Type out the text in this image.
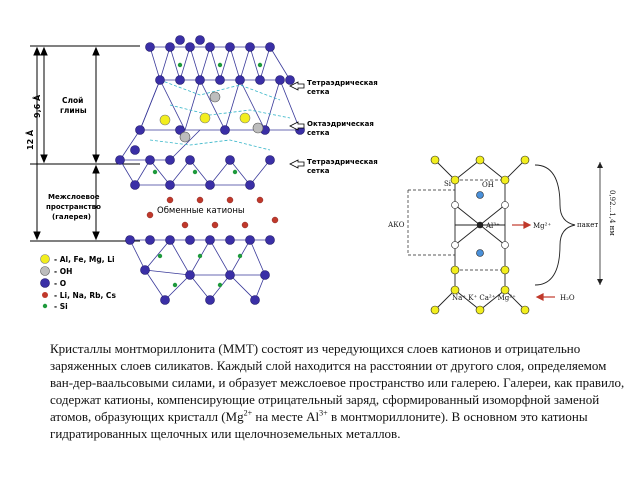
12 Å
9,6 Å	Слой глины
Межслоевое пространство (галерея)
Обменные катионы
Тетраэдрическая сетка
Октаэдрическая сетка
Тетраэдрическая сетка
- Al, Fe, Mg, Li
- OH
- O
- Li, Na, Rb, Cs
- Si
Si	OH
АКО	Al³⁺	Mg²⁺	пакет
Na⁺ K⁺ Ca²⁺ Mg²⁺	H₂O
0,92...1,4 нм
Кристаллы монтмориллонита (ММТ) состоят из чередующихся слоев катионов и отрицательно заряженных слоев силикатов. Каждый слой находится на расстоянии от другого слоя, определяемом ван-дер-ваальсовыми силами, и образует межслоевое пространство или галерею. Галереи, как правило, содержат катионы, компенсирующие отрицательный заряд, сформированный изоморфной заменой атомов, образующих кристалл ($Mg^{2+}$ на месте $Al^{3+}$ в монтмориллоните). В основном это катионы гидратированных щелочных или щелочноземельных металлов.
